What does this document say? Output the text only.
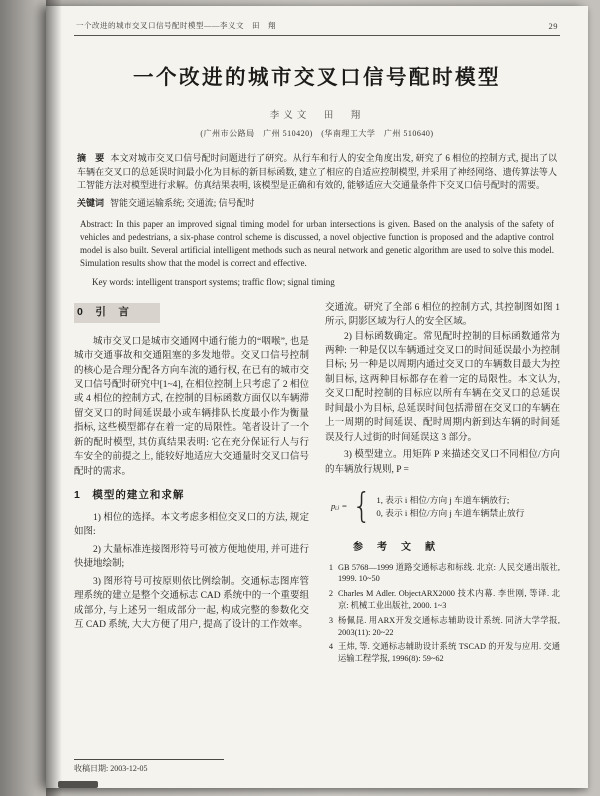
一个改进的城市交叉口信号配时模型——李义文　田　翔	29
一个改进的城市交叉口信号配时模型
李义文　田　翔
(广州市公路局　广州 510420)　(华南理工大学　广州 510640)
摘　要 本文对城市交叉口信号配时问题进行了研究。从行车和行人的安全角度出发, 研究了 6 相位的控制方式, 提出了以车辆在交叉口的总延误时间最小化为目标的新目标函数, 建立了相应的自适应控制模型, 并采用了神经网络、遗传算法等人工智能方法对模型进行求解。仿真结果表明, 该模型是正确和有效的, 能够适应大交通量条件下交叉口信号配时的需要。
关键词 智能交通运输系统; 交通流; 信号配时
Abstract: In this paper an improved signal timing model for urban intersections is given. Based on the analysis of the safety of vehicles and pedestrians, a six-phase control scheme is discussed, a novel objective function is proposed and the adaptive control model is also built. Several artificial intelligent methods such as neural network and genetic algorithm are used to solve this model. Simulation results show that the model is correct and effective.
Key words: intelligent transport systems; traffic flow; signal timing
0　引　言

城市交叉口是城市交通网中通行能力的“咽喉”, 也是城市交通事故和交通阻塞的多发地带。交叉口信号控制的核心是合理分配各方向车流的通行权, 在已有的城市交叉口信号配时研究中[1~4], 在相位控制上只考虑了 2 相位或 4 相位的控制方式, 在控制的目标函数方面仅以车辆滞留交叉口的时间延误最小或车辆排队长度最小作为衡量指标, 这些模型都存在着一定的局限性。笔者设计了一个新的配时模型, 其仿真结果表明: 它在充分保证行人与行车安全的前提之上, 能较好地适应大交通量时交叉口信号配时的需求。

1　模型的建立和求解

1) 相位的选择。本文考虑多相位交叉口的方法, 规定如图:

2) 大量标准连接图形符号可被方便地使用, 并可进行快捷地绘制;

3) 图形符号可按原则依比例绘制。交通标志图库管理系统的建立是整个交通标志 CAD 系统中的一个重要组成部分, 与上述另一组成部分一起, 构成完整的参数化交互 CAD 系统, 大大方便了用户, 提高了设计的工作效率。

交通流。研究了全部 6 相位的控制方式, 其控制图如图 1 所示, 阴影区域为行人的安全区域。

2) 目标函数确定。常见配时控制的目标函数通常为两种: 一种是仅以车辆通过交叉口的时间延误最小为控制目标; 另一种是以周期内通过交叉口的车辆数目最大为控制目标, 这两种目标都存在着一定的局限性。本文认为, 交叉口配时控制的目标应以所有车辆在交叉口的总延误时间最小为目标, 总延误时间包括滞留在交叉口的车辆在上一周期的时间延误、配时周期内新到达车辆的时间延误及行人过街的时间延误这 3 部分。

3) 模型建立。用矩阵 P 来描述交叉口不同相位/方向的车辆放行规则, P =

pᵢⱼ = { 1, 表示 i 相位/方向 j 车道车辆放行;
0, 表示 i 相位/方向 j 车道车辆禁止放行
参　考　文　献
1 GB 5768—1999 道路交通标志和标线. 北京: 人民交通出版社, 1999. 10~50
2 Charles M Adler. ObjectARX2000 技术内幕. 李世刚, 等译. 北京: 机械工业出版社, 2000. 1~3
3 杨佩昆. 用ARX开发交通标志辅助设计系统. 同济大学学报, 2003(11): 20~22
4 王炜, 等. 交通标志辅助设计系统 TSCAD 的开发与应用. 交通运输工程学报, 1996(8): 59~62
收稿日期: 2003-12-05
